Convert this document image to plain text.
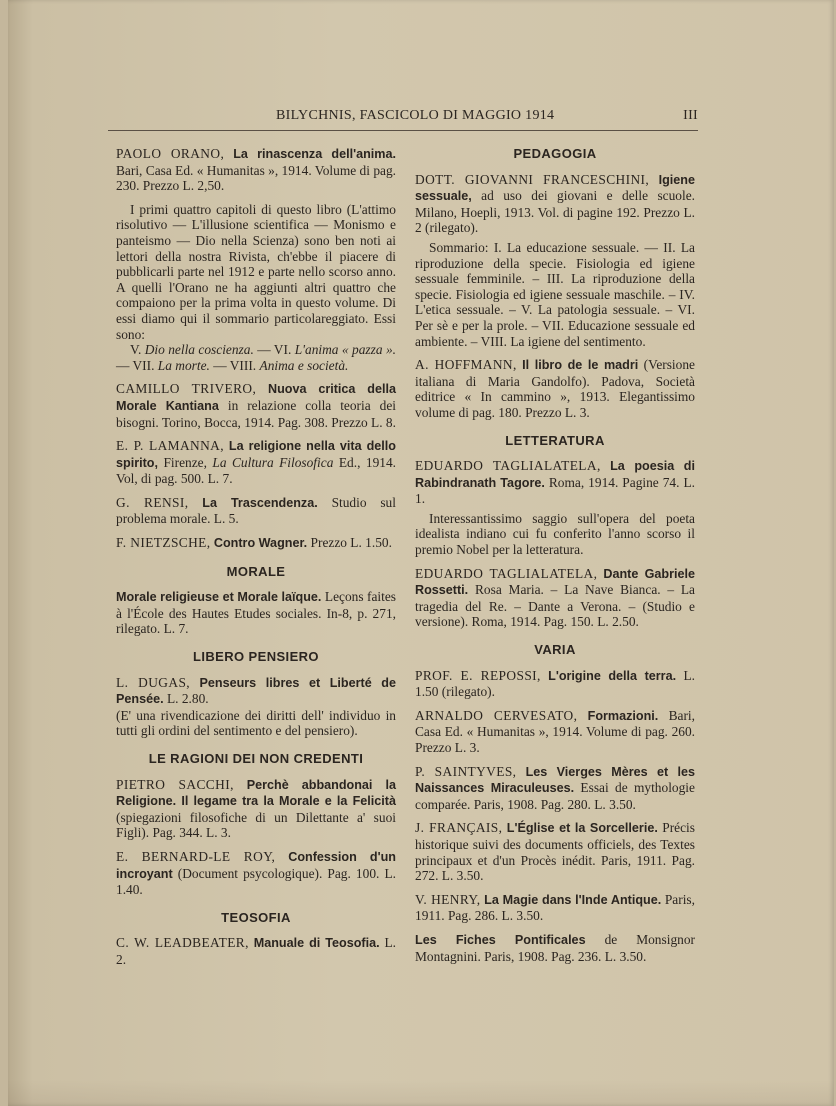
BILYCHNIS, FASCICOLO DI MAGGIO 1914	III

PAOLO ORANO, La rinascenza dell'anima. Bari, Casa Ed. « Humanitas », 1914. Volume di pag. 230. Prezzo L. 2,50.

I primi quattro capitoli di questo libro (L'attimo risolutivo — L'illusione scientifica — Monismo e panteismo — Dio nella Scienza) sono ben noti ai lettori della nostra Rivista, ch'ebbe il piacere di pubblicarli parte nel 1912 e parte nello scorso anno. A quelli l'Orano ne ha aggiunti altri quattro che compaiono per la prima volta in questo volume. Di essi diamo qui il sommario particolareggiato. Essi sono:

V. Dio nella coscienza. — VI. L'anima « pazza ». — VII. La morte. — VIII. Anima e società.

CAMILLO TRIVERO, Nuova critica della Morale Kantiana in relazione colla teoria dei bisogni. Torino, Bocca, 1914. Pag. 308. Prezzo L. 8.

E. P. LAMANNA, La religione nella vita dello spirito, Firenze, La Cultura Filosofica Ed., 1914. Vol, di pag. 500. L. 7.

G. RENSI, La Trascendenza. Studio sul problema morale. L. 5.

F. NIETZSCHE, Contro Wagner. Prezzo L. 1.50.

MORALE

Morale religieuse et Morale laïque. Leçons faites à l'École des Hautes Etudes sociales. In-8, p. 271, rilegato. L. 7.

LIBERO PENSIERO

L. DUGAS, Penseurs libres et Liberté de Pensée. L. 2.80.

(E' una rivendicazione dei diritti dell' individuo in tutti gli ordini del sentimento e del pensiero).

LE RAGIONI DEI NON CREDENTI

PIETRO SACCHI, Perchè abbandonai la Religione. Il legame tra la Morale e la Felicità (spiegazioni filosofiche di un Dilettante a' suoi Figli). Pag. 344. L. 3.

E. BERNARD-LE ROY, Confession d'un incroyant (Document psycologique). Pag. 100. L. 1.40.

TEOSOFIA

C. W. LEADBEATER, Manuale di Teosofia. L. 2.

PEDAGOGIA

DOTT. GIOVANNI FRANCESCHINI, Igiene sessuale, ad uso dei giovani e delle scuole. Milano, Hoepli, 1913. Vol. di pagine 192. Prezzo L. 2 (rilegato).

Sommario: I. La educazione sessuale. — II. La riproduzione della specie. Fisiologia ed igiene sessuale femminile. – III. La riproduzione della specie. Fisiologia ed igiene sessuale maschile. – IV. L'etica sessuale. – V. La patologia sessuale. – VI. Per sè e per la prole. – VII. Educazione sessuale ed ambiente. – VIII. La igiene del sentimento.

A. HOFFMANN, Il libro de le madri (Versione italiana di Maria Gandolfo). Padova, Società editrice « In cammino », 1913. Elegantissimo volume di pag. 180. Prezzo L. 3.

LETTERATURA

EDUARDO TAGLIALATELA, La poesia di Rabindranath Tagore. Roma, 1914. Pagine 74. L. 1.

Interessantissimo saggio sull'opera del poeta idealista indiano cui fu conferito l'anno scorso il premio Nobel per la letteratura.

EDUARDO TAGLIALATELA, Dante Gabriele Rossetti. Rosa Maria. – La Nave Bianca. – La tragedia del Re. – Dante a Verona. – (Studio e versione). Roma, 1914. Pag. 150. L. 2.50.

VARIA

PROF. E. REPOSSI, L'origine della terra. L. 1.50 (rilegato).

ARNALDO CERVESATO, Formazioni. Bari, Casa Ed. « Humanitas », 1914. Volume di pag. 260. Prezzo L. 3.

P. SAINTYVES, Les Vierges Mères et les Naissances Miraculeuses. Essai de mythologie comparée. Paris, 1908. Pag. 280. L. 3.50.

J. FRANÇAIS, L'Église et la Sorcellerie. Précis historique suivi des documents officiels, des Textes principaux et d'un Procès inédit. Paris, 1911. Pag. 272. L. 3.50.

V. HENRY, La Magie dans l'Inde Antique. Paris, 1911. Pag. 286. L. 3.50.

Les Fiches Pontificales de Monsignor Montagnini. Paris, 1908. Pag. 236. L. 3.50.
